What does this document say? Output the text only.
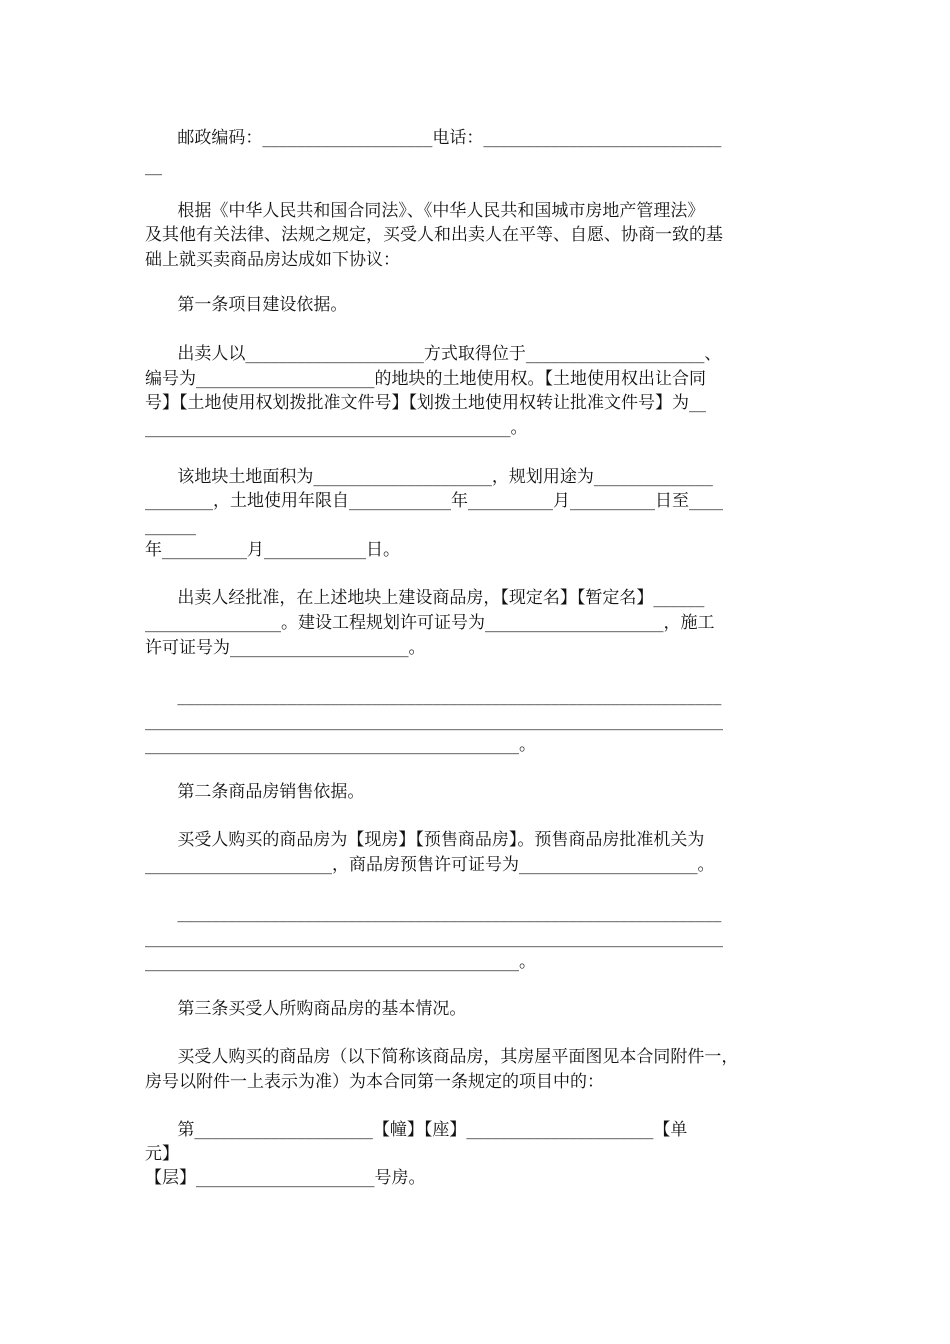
邮政编码：____________________电话：____________________________
__
根据《中华人民共和国合同法》、《中华人民共和国城市房地产管理法》
及其他有关法律、法规之规定，买受人和出卖人在平等、自愿、协商一致的基
础上就买卖商品房达成如下协议：
第一条项目建设依据。
出卖人以_____________________方式取得位于_____________________、
编号为_____________________的地块的土地使用权。【土地使用权出让合同
号】【土地使用权划拨批准文件号】【划拨土地使用权转让批准文件号】为__
___________________________________________。
该地块土地面积为_____________________，规划用途为______________
________，土地使用年限自____________年__________月__________日至____
______
年__________月____________日。
出卖人经批准，在上述地块上建设商品房，【现定名】【暂定名】______
________________。建设工程规划许可证号为_____________________，施工
许可证号为_____________________。
________________________________________________________________
____________________________________________________________________
____________________________________________。
第二条商品房销售依据。
买受人购买的商品房为【现房】【预售商品房】。预售商品房批准机关为
______________________，商品房预售许可证号为_____________________。
________________________________________________________________
____________________________________________________________________
____________________________________________。
第三条买受人所购商品房的基本情况。
买受人购买的商品房（以下简称该商品房，其房屋平面图见本合同附件一，
房号以附件一上表示为准）为本合同第一条规定的项目中的：
第_____________________【幢】【座】______________________【单
元】
【层】_____________________号房。
